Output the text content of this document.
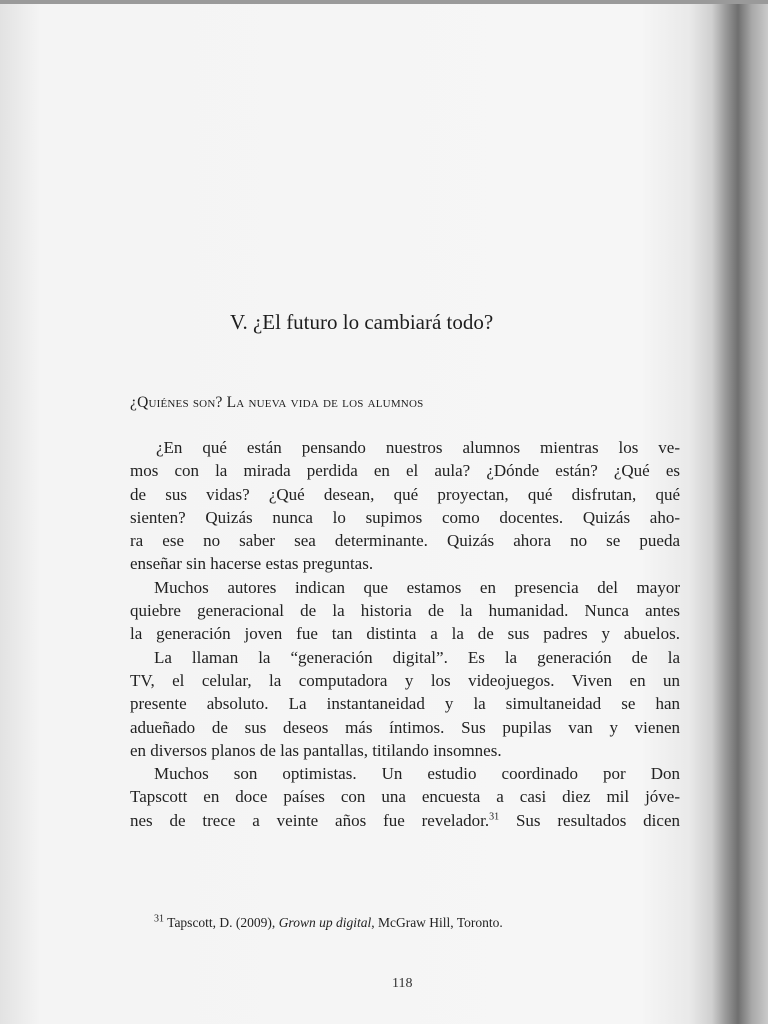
V. ¿El futuro lo cambiará todo?
¿Quiénes son? La nueva vida de los alumnos

¿En qué están pensando nuestros alumnos mientras los ve-
mos con la mirada perdida en el aula? ¿Dónde están? ¿Qué es
de sus vidas? ¿Qué desean, qué proyectan, qué disfrutan, qué
sienten? Quizás nunca lo supimos como docentes. Quizás aho-
ra ese no saber sea determinante. Quizás ahora no se pueda
enseñar sin hacerse estas preguntas.

Muchos autores indican que estamos en presencia del mayor
quiebre generacional de la historia de la humanidad. Nunca antes
la generación joven fue tan distinta a la de sus padres y abuelos.

La llaman la “generación digital”. Es la generación de la
TV, el celular, la computadora y los videojuegos. Viven en un
presente absoluto. La instantaneidad y la simultaneidad se han
adueñado de sus deseos más íntimos. Sus pupilas van y vienen
en diversos planos de las pantallas, titilando insomnes.

Muchos son optimistas. Un estudio coordinado por Don
Tapscott en doce países con una encuesta a casi diez mil jóve-
nes de trece a veinte años fue revelador.$^{31}$ Sus resultados dicen

$^{31}$ Tapscott, D. (2009), Grown up digital, McGraw Hill, Toronto.
118
